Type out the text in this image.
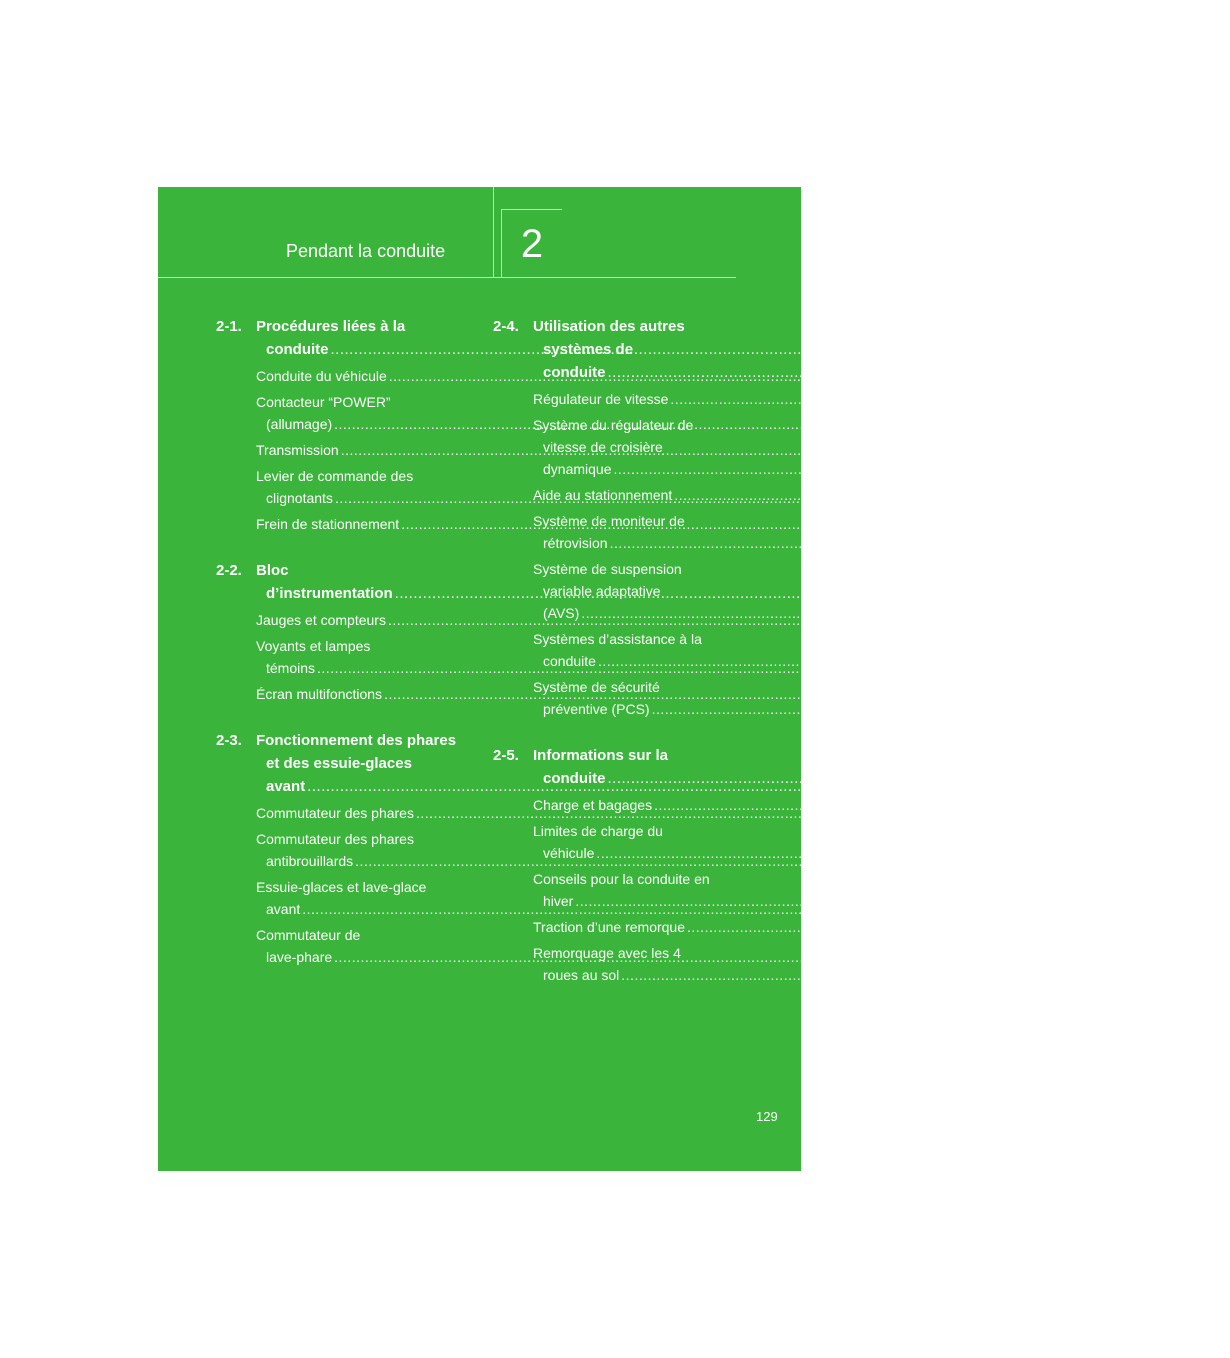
Pendant la conduite	2
2-1. Procédures liées à la
conduite .....	130
Conduite du véhicule .....	130
Contacteur “POWER”
(allumage) .....	140
Transmission .....	144
Levier de commande des
clignotants .....	148
Frein de stationnement .....	149
2-2. Bloc
d’instrumentation .....	150
Jauges et compteurs .....	150
Voyants et lampes
témoins .....	154
Écran multifonctions .....	157
2-3. Fonctionnement des phares
et des essuie-glaces
avant .....	160
Commutateur des phares .....	160
Commutateur des phares
antibrouillards .....	164
Essuie-glaces et lave-glace
avant .....	165
Commutateur de
lave-phare .....	168
2-4. Utilisation des autres
systèmes de
conduite .....	169
Régulateur de vitesse .....	169
Système du régulateur de
vitesse de croisière
dynamique .....	172
Aide au stationnement .....	183
Système de moniteur de
rétrovision .....	198
Système de suspension
variable adaptative
(AVS) .....	201
Systèmes d’assistance à la
conduite .....	202
Système de sécurité
préventive (PCS) .....	208
2-5. Informations sur la
conduite .....	212
Charge et bagages .....	212
Limites de charge du
véhicule .....	216
Conseils pour la conduite en
hiver .....	217
Traction d’une remorque .....	222
Remorquage avec les 4
roues au sol .....	223
129
